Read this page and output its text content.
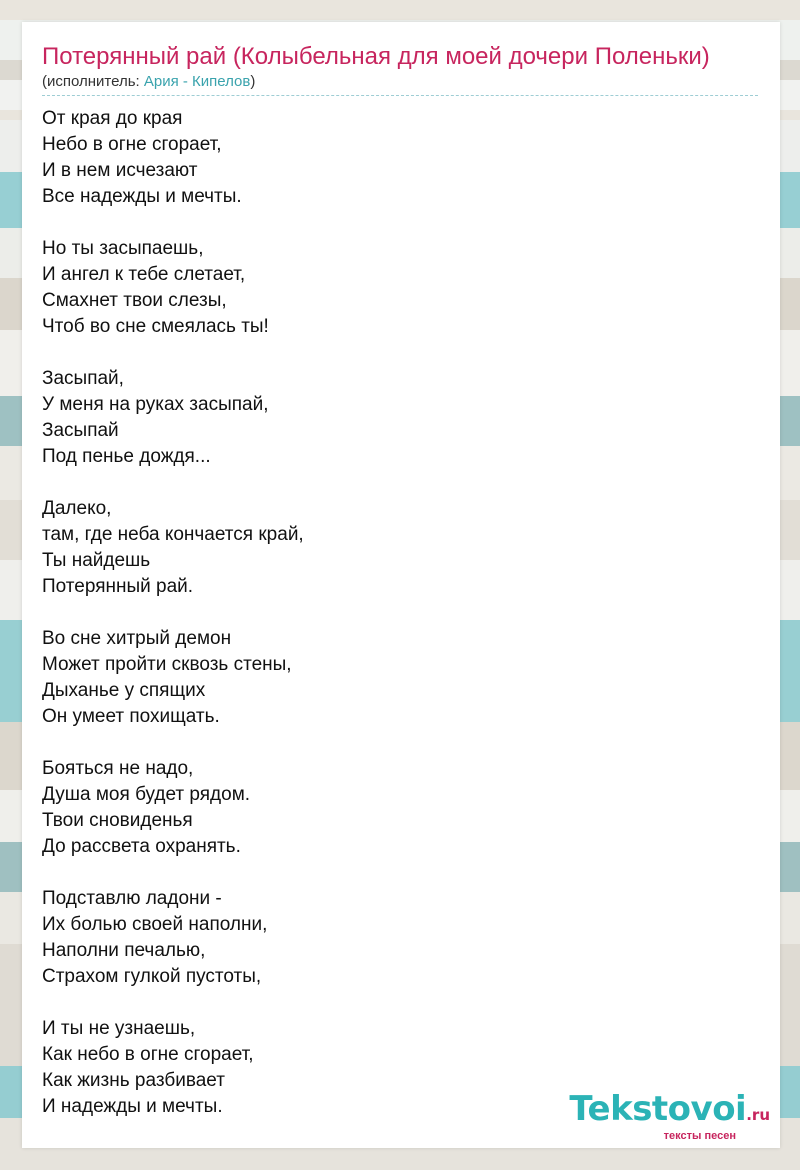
Потерянный рай (Колыбельная для моей дочери Поленьки)
(исполнитель: Ария - Кипелов)
От края до края
Небо в огне сгорает,
И в нем исчезают
Все надежды и мечты.
Но ты засыпаешь,
И ангел к тебе слетает,
Смахнет твои слезы,
Чтоб во сне смеялась ты!
Засыпай,
У меня на руках засыпай,
Засыпай
Под пенье дождя...
Далеко,
там, где неба кончается край,
Ты найдешь
Потерянный рай.
Во сне хитрый демон
Может пройти сквозь стены,
Дыханье у спящих
Он умеет похищать.
Бояться не надо,
Душа моя будет рядом.
Твои сновиденья
До рассвета охранять.
Подставлю ладони -
Их болью своей наполни,
Наполни печалью,
Страхом гулкой пустоты,
И ты не узнаешь,
Как небо в огне сгорает,
Как жизнь разбивает
И надежды и мечты.	Tekstovoi.ru
тексты песен
